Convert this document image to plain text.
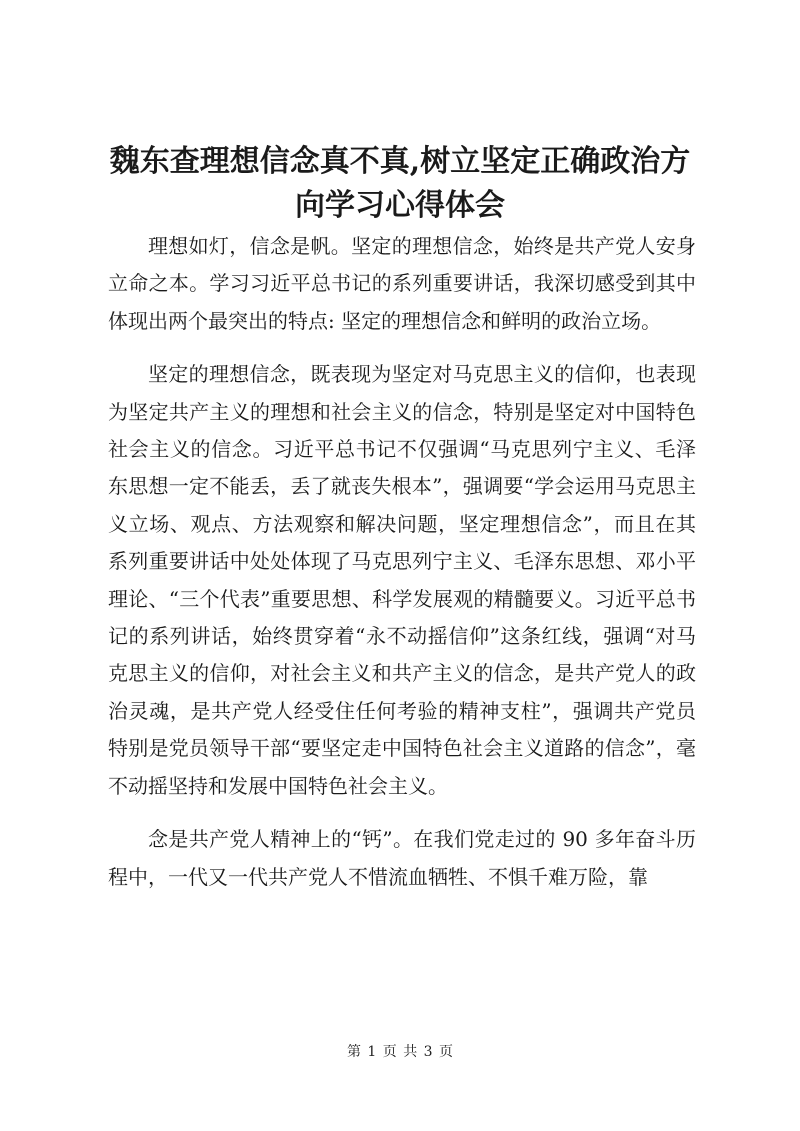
魏东查理想信念真不真,树立坚定正确政治方向学习心得体会

理想如灯，信念是帆。坚定的理想信念，始终是共产党人安身立命之本。学习习近平总书记的系列重要讲话，我深切感受到其中体现出两个最突出的特点: 坚定的理想信念和鲜明的政治立场。

坚定的理想信念，既表现为坚定对马克思主义的信仰，也表现为坚定共产主义的理想和社会主义的信念，特别是坚定对中国特色社会主义的信念。习近平总书记不仅强调“马克思列宁主义、毛泽东思想一定不能丢，丢了就丧失根本”，强调要“学会运用马克思主义立场、观点、方法观察和解决问题，坚定理想信念”，而且在其系列重要讲话中处处体现了马克思列宁主义、毛泽东思想、邓小平理论、“三个代表”重要思想、科学发展观的精髓要义。习近平总书记的系列讲话，始终贯穿着“永不动摇信仰”这条红线，强调“对马克思主义的信仰，对社会主义和共产主义的信念，是共产党人的政治灵魂，是共产党人经受住任何考验的精神支柱”，强调共产党员特别是党员领导干部“要坚定走中国特色社会主义道路的信念”，毫不动摇坚持和发展中国特色社会主义。

念是共产党人精神上的“钙”。在我们党走过的 90 多年奋斗历程中，一代又一代共产党人不惜流血牺牲、不惧千难万险，靠

第 1 页 共 3 页
